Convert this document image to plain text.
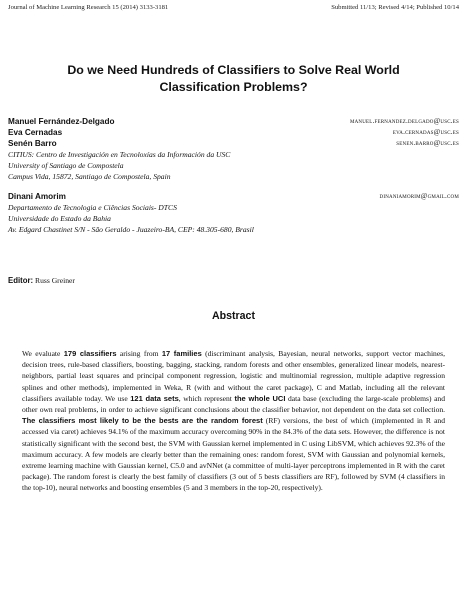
Journal of Machine Learning Research 15 (2014) 3133-3181	Submitted 11/13; Revised 4/14; Published 10/14
Do we Need Hundreds of Classifiers to Solve Real World
Classification Problems?
Manuel Fernández-Delgado	manuel.fernandez.delgado@usc.es
Eva Cernadas	eva.cernadas@usc.es
Senén Barro	senen.barro@usc.es
CITIUS: Centro de Investigación en Tecnoloxías da Información da USC
University of Santiago de Compostela
Campus Vida, 15872, Santiago de Compostela, Spain
Dinani Amorim	dinaniamorim@gmail.com
Departamento de Tecnologia e Ciências Sociais- DTCS
Universidade do Estado da Bahia
Av. Edgard Chastinet S/N - São Geraldo - Juazeiro-BA, CEP: 48.305-680, Brasil
Editor: Russ Greiner
Abstract
We evaluate 179 classifiers arising from 17 families (discriminant analysis, Bayesian, neural networks, support vector machines, decision trees, rule-based classifiers, boosting, bagging, stacking, random forests and other ensembles, generalized linear models, nearest-neighbors, partial least squares and principal component regression, logistic and multinomial regression, multiple adaptive regression splines and other methods), implemented in Weka, R (with and without the caret package), C and Matlab, including all the relevant classifiers available today. We use 121 data sets, which represent the whole UCI data base (excluding the large-scale problems) and other own real problems, in order to achieve significant conclusions about the classifier behavior, not dependent on the data set collection. The classifiers most likely to be the bests are the random forest (RF) versions, the best of which (implemented in R and accessed via caret) achieves 94.1% of the maximum accuracy overcoming 90% in the 84.3% of the data sets. However, the difference is not statistically significant with the second best, the SVM with Gaussian kernel implemented in C using LibSVM, which achieves 92.3% of the maximum accuracy. A few models are clearly better than the remaining ones: random forest, SVM with Gaussian and polynomial kernels, extreme learning machine with Gaussian kernel, C5.0 and avNNet (a committee of multi-layer perceptrons implemented in R with the caret package). The random forest is clearly the best family of classifiers (3 out of 5 bests classifiers are RF), followed by SVM (4 classifiers in the top-10), neural networks and boosting ensembles (5 and 3 members in the top-20, respectively).
